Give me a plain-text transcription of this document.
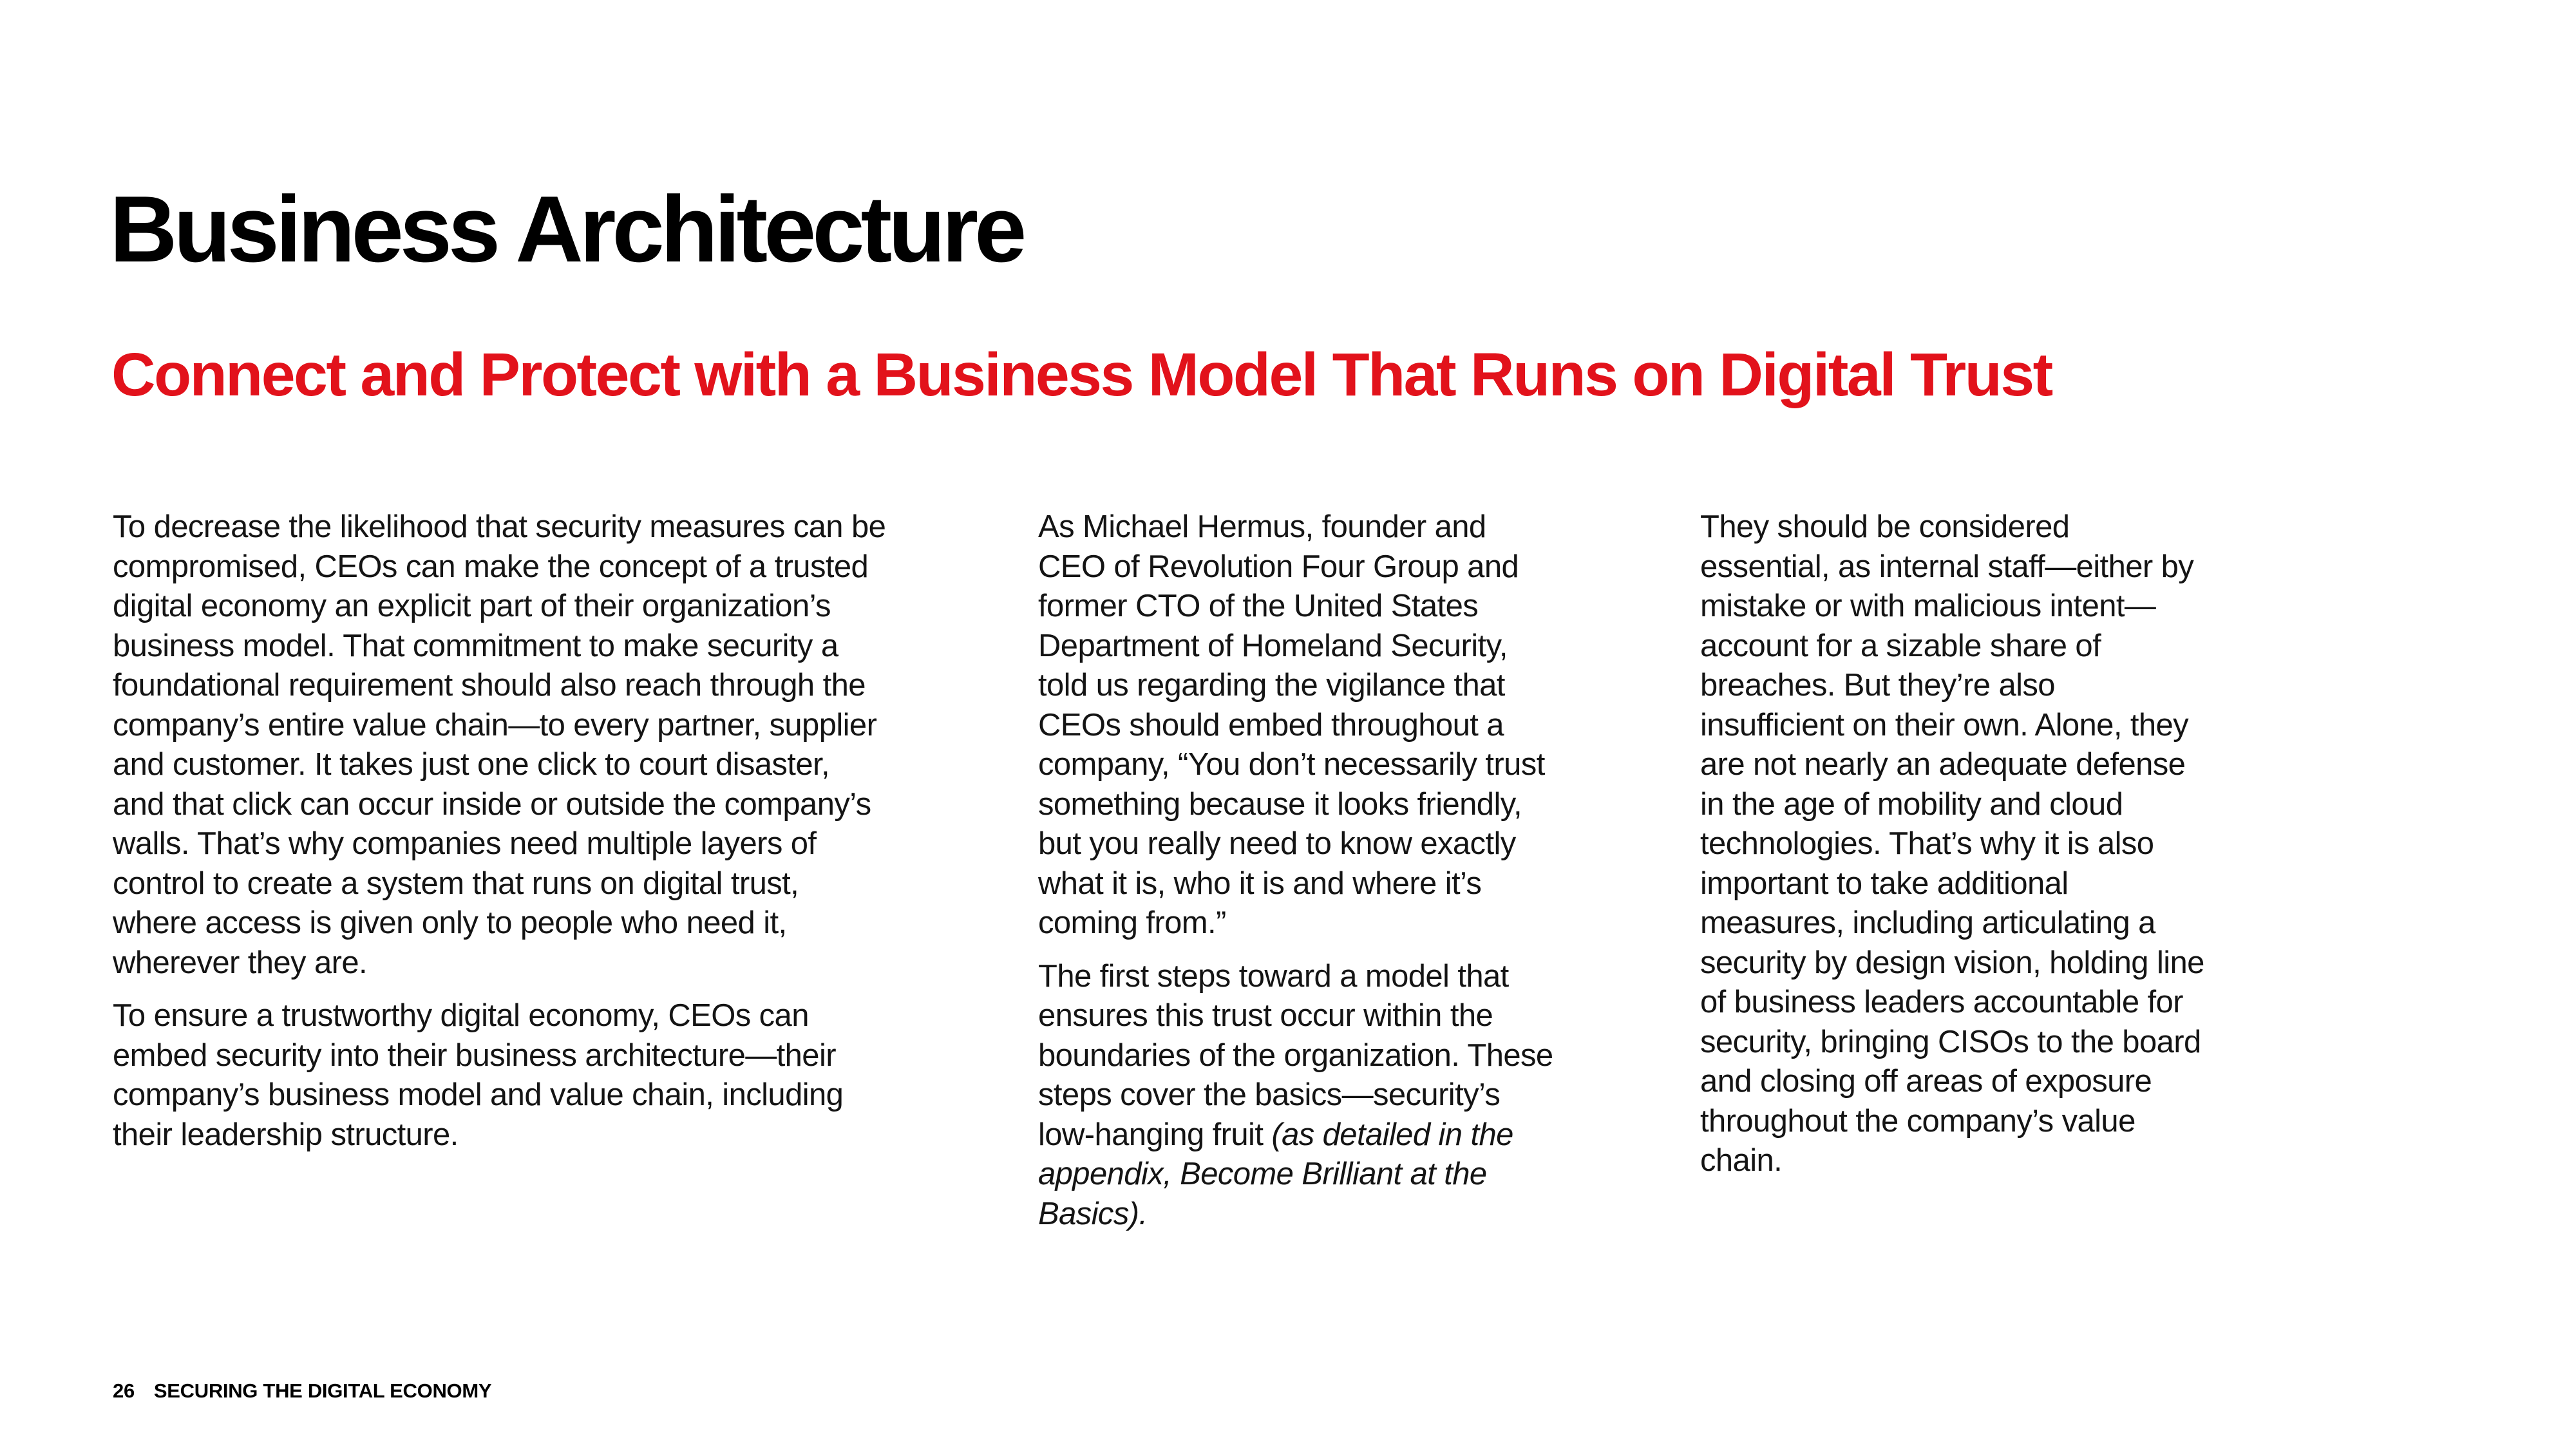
Business Architecture
Connect and Protect with a Business Model That Runs on Digital Trust

To decrease the likelihood that security measures can be compromised, CEOs can make the concept of a trusted digital economy an explicit part of their organization’s business model. That commitment to make security a foundational requirement should also reach through the company’s entire value chain—to every partner, supplier and customer. It takes just one click to court disaster, and that click can occur inside or outside the company’s walls. That’s why companies need multiple layers of control to create a system that runs on digital trust, where access is given only to people who need it, wherever they are.

To ensure a trustworthy digital economy, CEOs can embed security into their business architecture—their company’s business model and value chain, including their leadership structure.

As Michael Hermus, founder and CEO of Revolution Four Group and former CTO of the United States Department of Homeland Security, told us regarding the vigilance that CEOs should embed throughout a company, “You don’t necessarily trust something because it looks friendly, but you really need to know exactly what it is, who it is and where it’s coming from.”

The first steps toward a model that ensures this trust occur within the boundaries of the organization. These steps cover the basics—security’s low-hanging fruit (as detailed in the appendix, Become Brilliant at the Basics).

They should be considered essential, as internal staff—either by mistake or with malicious intent—account for a sizable share of breaches. But they’re also insufficient on their own. Alone, they are not nearly an adequate defense in the age of mobility and cloud technologies. That’s why it is also important to take additional measures, including articulating a security by design vision, holding line of business leaders accountable for security, bringing CISOs to the board and closing off areas of exposure throughout the company’s value chain.

26 SECURING THE DIGITAL ECONOMY
